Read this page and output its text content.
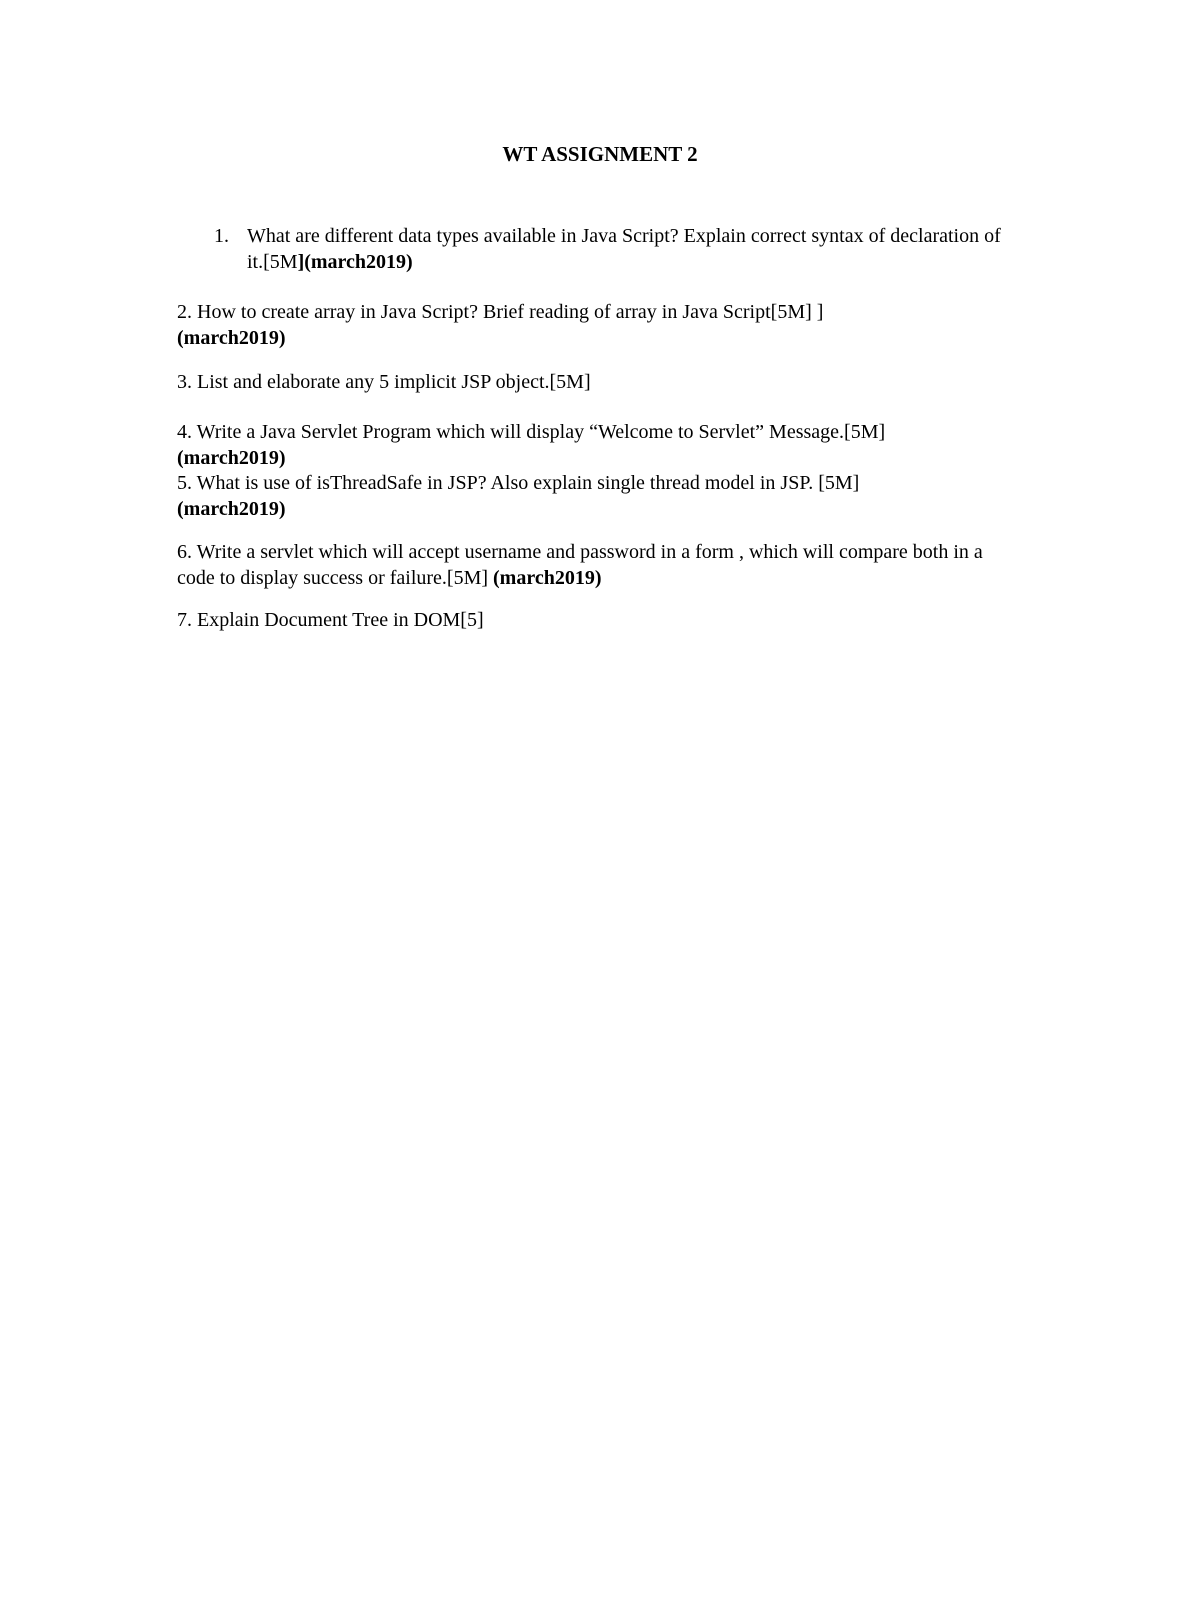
WT ASSIGNMENT 2
1. What are different data types available in Java Script? Explain correct syntax of declaration of it.[5M](march2019)
2. How to create array in Java Script? Brief reading of array in Java Script[5M] ]
(march2019)
3. List and elaborate any 5 implicit JSP object.[5M]
4. Write a Java Servlet Program which will display “Welcome to Servlet” Message.[5M]
(march2019)
5. What is use of isThreadSafe in JSP? Also explain single thread model in JSP. [5M]
(march2019)
6. Write a servlet which will accept username and password in a form , which will compare both in a code to display success or failure.[5M] (march2019)
7. Explain Document Tree in DOM[5]
